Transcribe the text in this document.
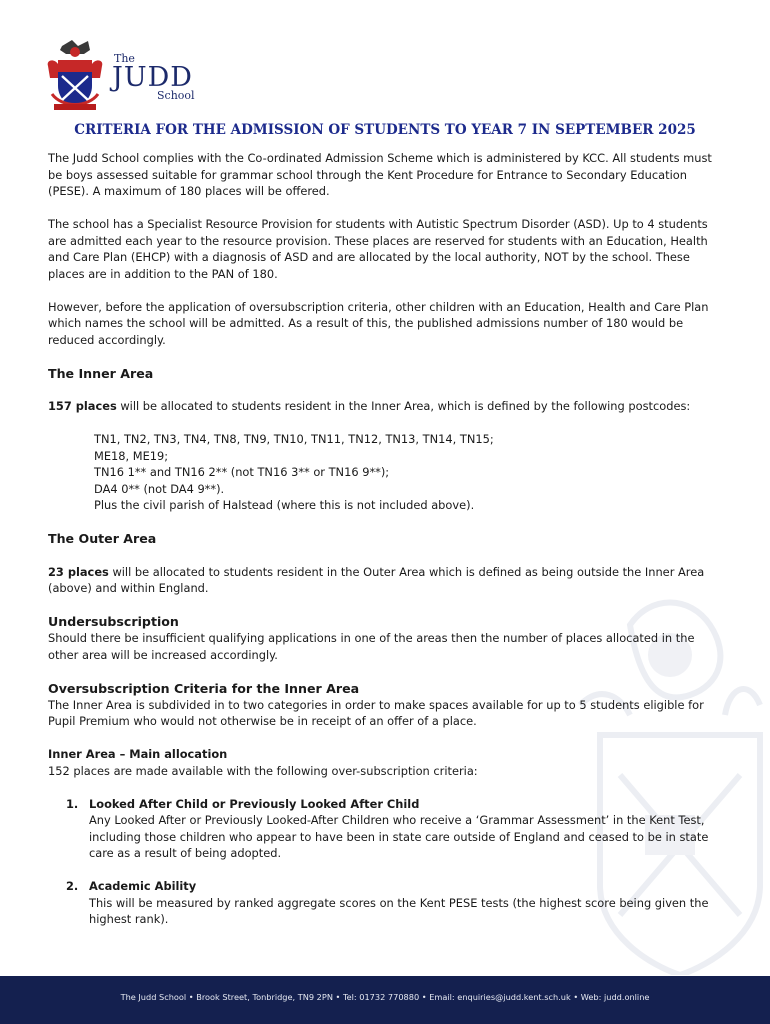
The
JUDD
School
CRITERIA FOR THE ADMISSION OF STUDENTS TO YEAR 7 IN SEPTEMBER 2025

The Judd School complies with the Co-ordinated Admission Scheme which is administered by KCC. All students must be boys assessed suitable for grammar school through the Kent Procedure for Entrance to Secondary Education (PESE). A maximum of 180 places will be offered.

The school has a Specialist Resource Provision for students with Autistic Spectrum Disorder (ASD). Up to 4 students are admitted each year to the resource provision. These places are reserved for students with an Education, Health and Care Plan (EHCP) with a diagnosis of ASD and are allocated by the local authority, NOT by the school. These places are in addition to the PAN of 180.

However, before the application of oversubscription criteria, other children with an Education, Health and Care Plan which names the school will be admitted. As a result of this, the published admissions number of 180 would be reduced accordingly.

The Inner Area

157 places will be allocated to students resident in the Inner Area, which is defined by the following postcodes:

TN1, TN2, TN3, TN4, TN8, TN9, TN10, TN11, TN12, TN13, TN14, TN15;
ME18, ME19;
TN16 1** and TN16 2** (not TN16 3** or TN16 9**);
DA4 0** (not DA4 9**).
Plus the civil parish of Halstead (where this is not included above).
The Outer Area

23 places will be allocated to students resident in the Outer Area which is defined as being outside the Inner Area (above) and within England.

Undersubscription

Should there be insufficient qualifying applications in one of the areas then the number of places allocated in the other area will be increased accordingly.

Oversubscription Criteria for the Inner Area

The Inner Area is subdivided in to two categories in order to make spaces available for up to 5 students eligible for Pupil Premium who would not otherwise be in receipt of an offer of a place.

Inner Area – Main allocation

152 places are made available with the following over-subscription criteria:

1. Looked After Child or Previously Looked After Child
Any Looked After or Previously Looked-After Children who receive a ‘Grammar Assessment’ in the Kent Test, including those children who appear to have been in state care outside of England and ceased to be in state care as a result of being adopted.
2. Academic Ability
This will be measured by ranked aggregate scores on the Kent PESE tests (the highest score being given the highest rank).
The Judd School • Brook Street, Tonbridge, TN9 2PN • Tel: 01732 770880 • Email: enquiries@judd.kent.sch.uk • Web: judd.online
